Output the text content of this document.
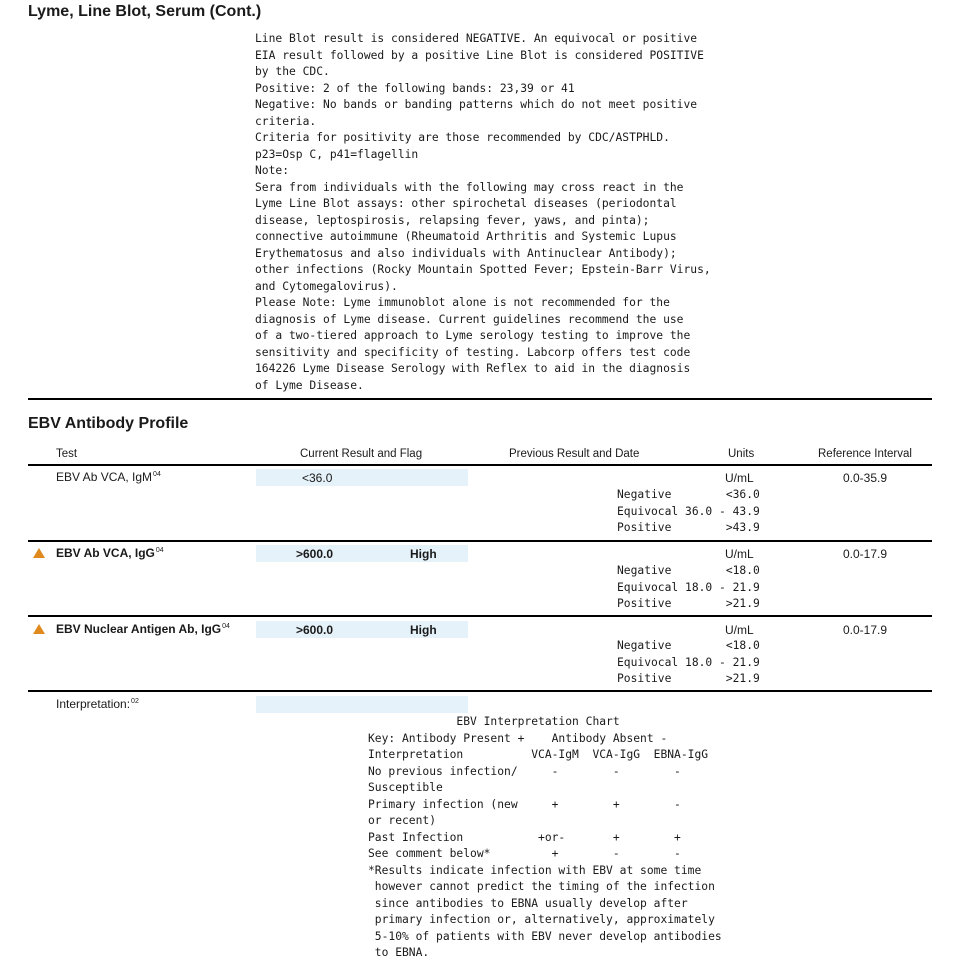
Lyme, Line Blot, Serum (Cont.)
Line Blot result is considered NEGATIVE. An equivocal or positive
EIA result followed by a positive Line Blot is considered POSITIVE
by the CDC.
Positive: 2 of the following bands: 23,39 or 41
Negative: No bands or banding patterns which do not meet positive
criteria.
Criteria for positivity are those recommended by CDC/ASTPHLD.
p23=Osp C, p41=flagellin
Note:
Sera from individuals with the following may cross react in the
Lyme Line Blot assays: other spirochetal diseases (periodontal
disease, leptospirosis, relapsing fever, yaws, and pinta);
connective autoimmune (Rheumatoid Arthritis and Systemic Lupus
Erythematosus and also individuals with Antinuclear Antibody);
other infections (Rocky Mountain Spotted Fever; Epstein-Barr Virus,
and Cytomegalovirus).
Please Note: Lyme immunoblot alone is not recommended for the
diagnosis of Lyme disease. Current guidelines recommend the use
of a two-tiered approach to Lyme serology testing to improve the
sensitivity and specificity of testing. Labcorp offers test code
164226 Lyme Disease Serology with Reflex to aid in the diagnosis
of Lyme Disease.
EBV Antibody Profile
Test	Current Result and Flag	Previous Result and Date	Units	Reference Interval
EBV Ab VCA, IgM$^{04}$	<36.0	U/mL	0.0-35.9
Negative        <36.0
Equivocal 36.0 - 43.9
Positive        >43.9
EBV Ab VCA, IgG$^{04}$	>600.0	High	U/mL	0.0-17.9
Negative        <18.0
Equivocal 18.0 - 21.9
Positive        >21.9
EBV Nuclear Antigen Ab, IgG$^{04}$	>600.0	High	U/mL	0.0-17.9
Negative        <18.0
Equivocal 18.0 - 21.9
Positive        >21.9
Interpretation:$^{02}$
EBV Interpretation Chart
Key: Antibody Present +    Antibody Absent -
Interpretation          VCA-IgM  VCA-IgG  EBNA-IgG
No previous infection/     -        -        -
Susceptible
Primary infection (new     +        +        -
or recent)
Past Infection           +or-       +        +
See comment below*         +        -        -
*Results indicate infection with EBV at some time
however cannot predict the timing of the infection
since antibodies to EBNA usually develop after
primary infection or, alternatively, approximately
5-10% of patients with EBV never develop antibodies
to EBNA.
